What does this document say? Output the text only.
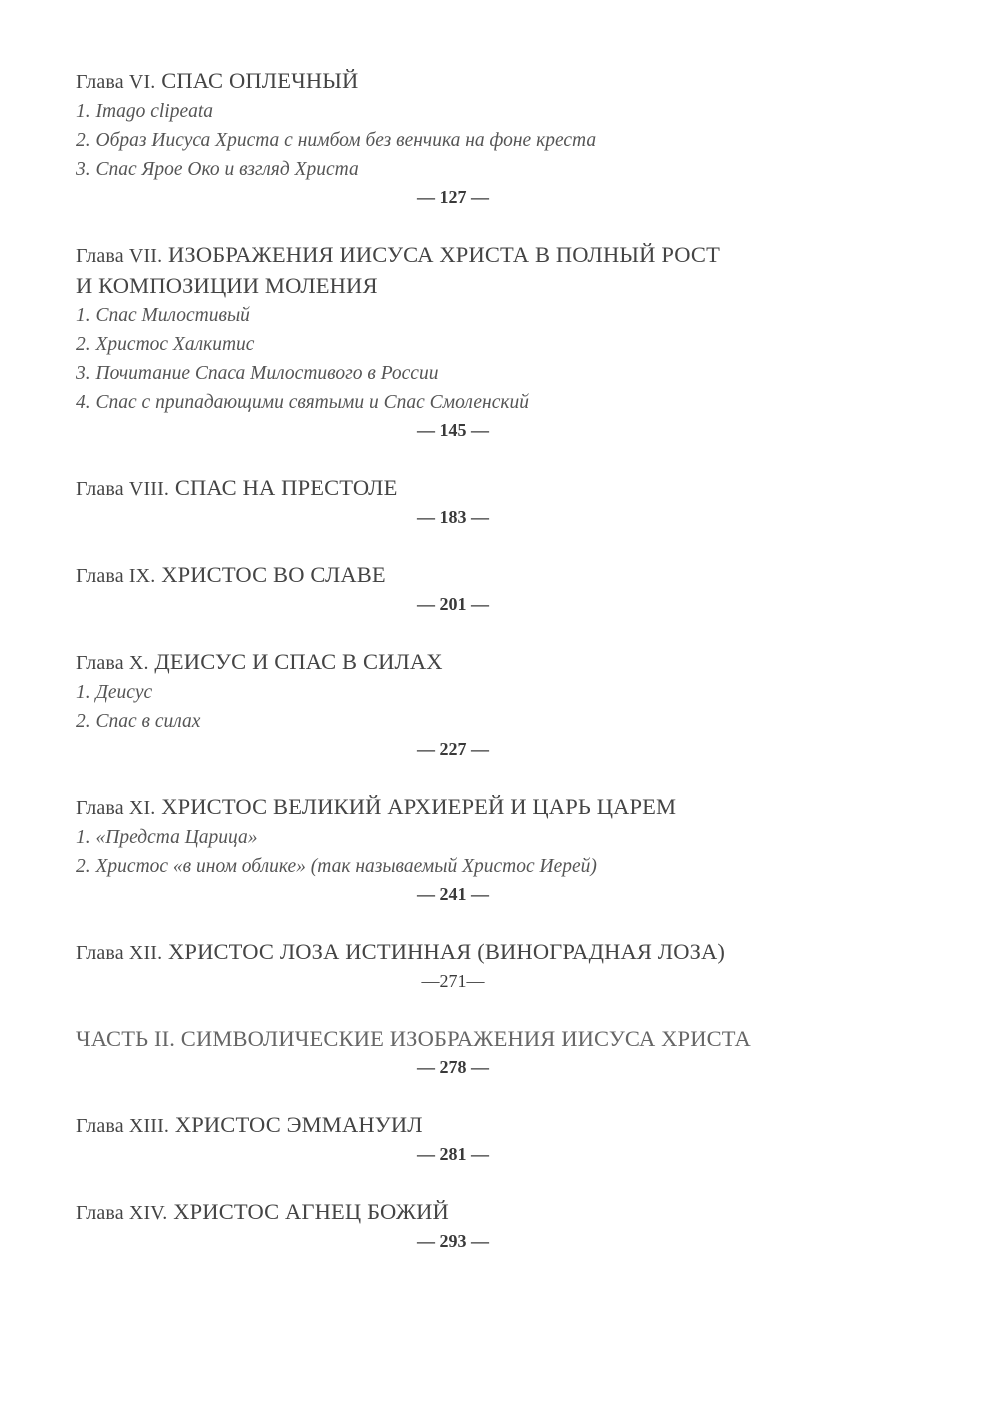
Глава VI. СПАС ОПЛЕЧНЫЙ
1. Imago clipeata
2. Образ Иисуса Христа с нимбом без венчика на фоне креста
3. Спас Ярое Око и взгляд Христа
— 127 —
Глава VII. ИЗОБРАЖЕНИЯ ИИСУСА ХРИСТА В ПОЛНЫЙ РОСТ
И КОМПОЗИЦИИ МОЛЕНИЯ
1. Спас Милостивый
2. Христос Халкитис
3. Почитание Спаса Милостивого в России
4. Спас с припадающими святыми и Спас Смоленский
— 145 —
Глава VIII. СПАС НА ПРЕСТОЛЕ
— 183 —
Глава IX. ХРИСТОС ВО СЛАВЕ
— 201 —
Глава X. ДЕИСУС И СПАС В СИЛАХ
1. Деисус
2. Спас в силах
— 227 —
Глава XI. ХРИСТОС ВЕЛИКИЙ АРХИЕРЕЙ И ЦАРЬ ЦАРЕМ
1. «Предста Царица»
2. Христос «в ином облике» (так называемый Христос Иерей)
— 241 —
Глава XII. ХРИСТОС ЛОЗА ИСТИННАЯ (ВИНОГРАДНАЯ ЛОЗА)
—271—
ЧАСТЬ II. СИМВОЛИЧЕСКИЕ ИЗОБРАЖЕНИЯ ИИСУСА ХРИСТА
— 278 —
Глава XIII. ХРИСТОС ЭММАНУИЛ
— 281 —
Глава XIV. ХРИСТОС АГНЕЦ БОЖИЙ
— 293 —
